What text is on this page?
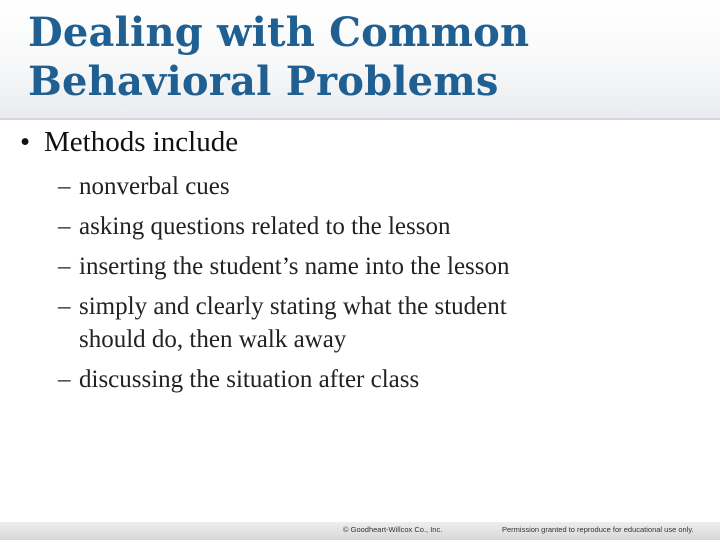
Dealing with Common
Behavioral Problems
• Methods include
– nonverbal cues
– asking questions related to the lesson
– inserting the student’s name into the lesson
– simply and clearly stating what the student
should do, then walk away
– discussing the situation after class
© Goodheart-Willcox Co., Inc.	Permission granted to reproduce for educational use only.
